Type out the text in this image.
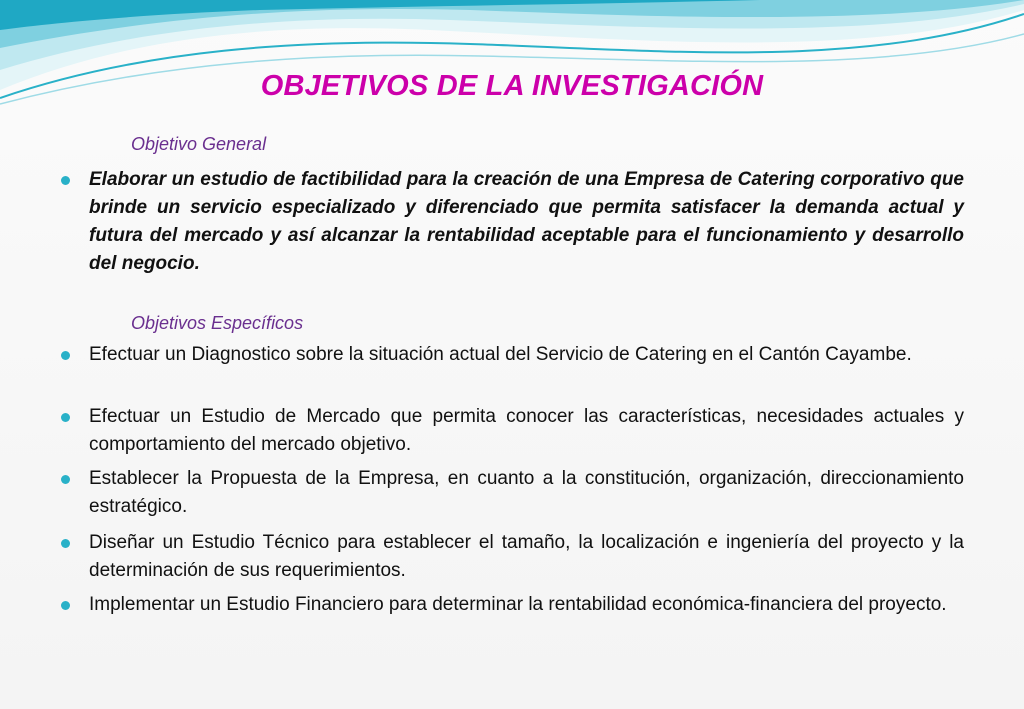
OBJETIVOS DE LA INVESTIGACIÓN
Objetivo General
Elaborar un estudio de factibilidad para la creación de una Empresa de Catering corporativo que brinde un servicio especializado y diferenciado que permita satisfacer la demanda actual y futura del mercado y así alcanzar la rentabilidad aceptable para el funcionamiento y desarrollo del negocio.
Objetivos Específicos
Efectuar un Diagnostico sobre la situación actual del Servicio de Catering en el Cantón Cayambe.
Efectuar un Estudio de Mercado que permita conocer las características, necesidades actuales y comportamiento del mercado objetivo.
Establecer la Propuesta de la Empresa, en cuanto a la constitución, organización, direccionamiento estratégico.
Diseñar un Estudio Técnico para establecer el tamaño, la localización e ingeniería del proyecto y la determinación de sus requerimientos.
Implementar un Estudio Financiero para determinar la rentabilidad económica-financiera del proyecto.
